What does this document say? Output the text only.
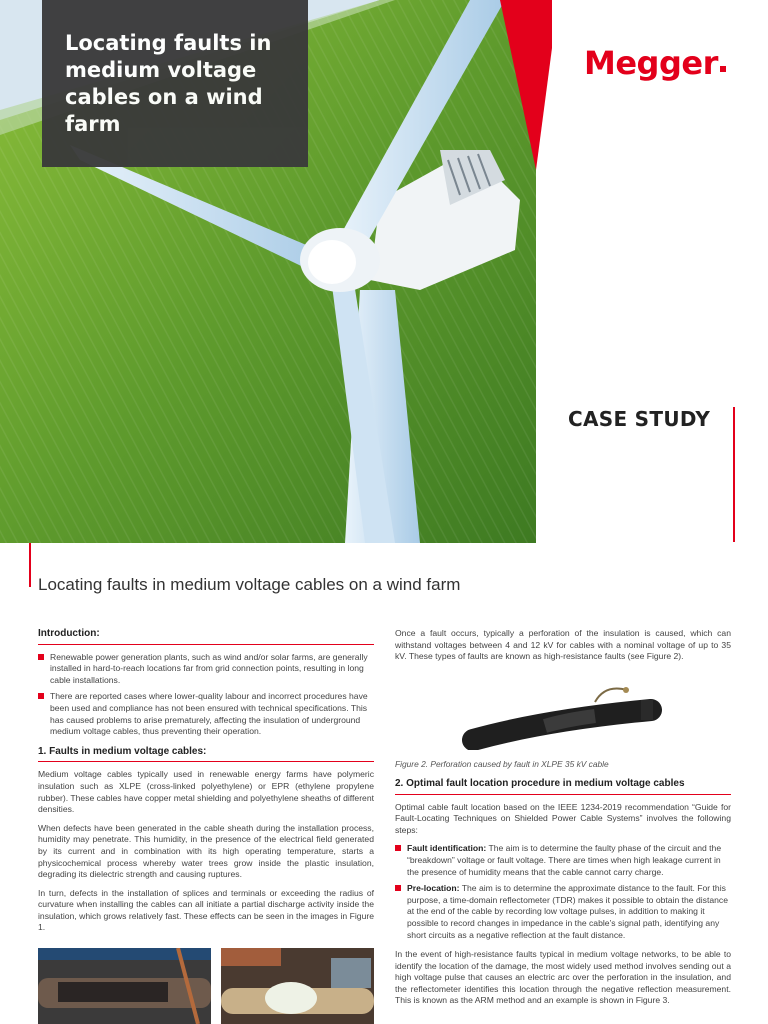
Locating faults in medium voltage cables on a wind farm
Megger
CASE STUDY
Locating faults in medium voltage cables on a wind farm
Introduction:
Renewable power generation plants, such as wind and/or solar farms, are generally installed in hard-to-reach locations far from grid connection points, resulting in long cable installations.
There are reported cases where lower-quality labour and incorrect procedures have been used and compliance has not been ensured with technical specifications. This has caused problems to arise prematurely, affecting the insulation of underground medium voltage cables, thus preventing their operation.
1. Faults in medium voltage cables:

Medium voltage cables typically used in renewable energy farms have polymeric insulation such as XLPE (cross-linked polyethylene) or EPR (ethylene propylene rubber). These cables have copper metal shielding and polyethylene sheaths of different densities.

When defects have been generated in the cable sheath during the installation process, humidity may penetrate. This humidity, in the presence of the electrical field generated by its current and in combination with its high operating temperature, starts a physicochemical process whereby water trees grow inside the plastic insulation, degrading its dielectric strength and causing ruptures.

In turn, defects in the installation of splices and terminals or exceeding the radius of curvature when installing the cables can all initiate a partial discharge activity inside the insulation, which grows relatively fast. These effects can be seen in the images in Figure 1.

Once a fault occurs, typically a perforation of the insulation is caused, which can withstand voltages between 4 and 12 kV for cables with a nominal voltage of up to 35 kV. These types of faults are known as high-resistance faults (see Figure 2).

Figure 2. Perforation caused by fault in XLPE 35 kV cable

2. Optimal fault location procedure in medium voltage cables

Optimal cable fault location based on the IEEE 1234-2019 recommendation “Guide for Fault-Locating Techniques on Shielded Power Cable Systems” involves the following steps:

Fault identification: The aim is to determine the faulty phase of the circuit and the “breakdown” voltage or fault voltage. There are times when high leakage current in the presence of humidity means that the cable cannot carry charge.
Pre-location: The aim is to determine the approximate distance to the fault. For this purpose, a time-domain reflectometer (TDR) makes it possible to obtain the distance at the end of the cable by recording low voltage pulses, in addition to making it possible to record changes in impedance in the cable’s signal path, identifying any short circuits as a negative reflection at the fault distance.

In the event of high-resistance faults typical in medium voltage networks, to be able to identify the location of the damage, the most widely used method involves sending out a high voltage pulse that causes an electric arc over the perforation in the insulation, and the reflectometer identifies this location through the negative reflection measurement. This is known as the ARM method and an example is shown in Figure 3.
